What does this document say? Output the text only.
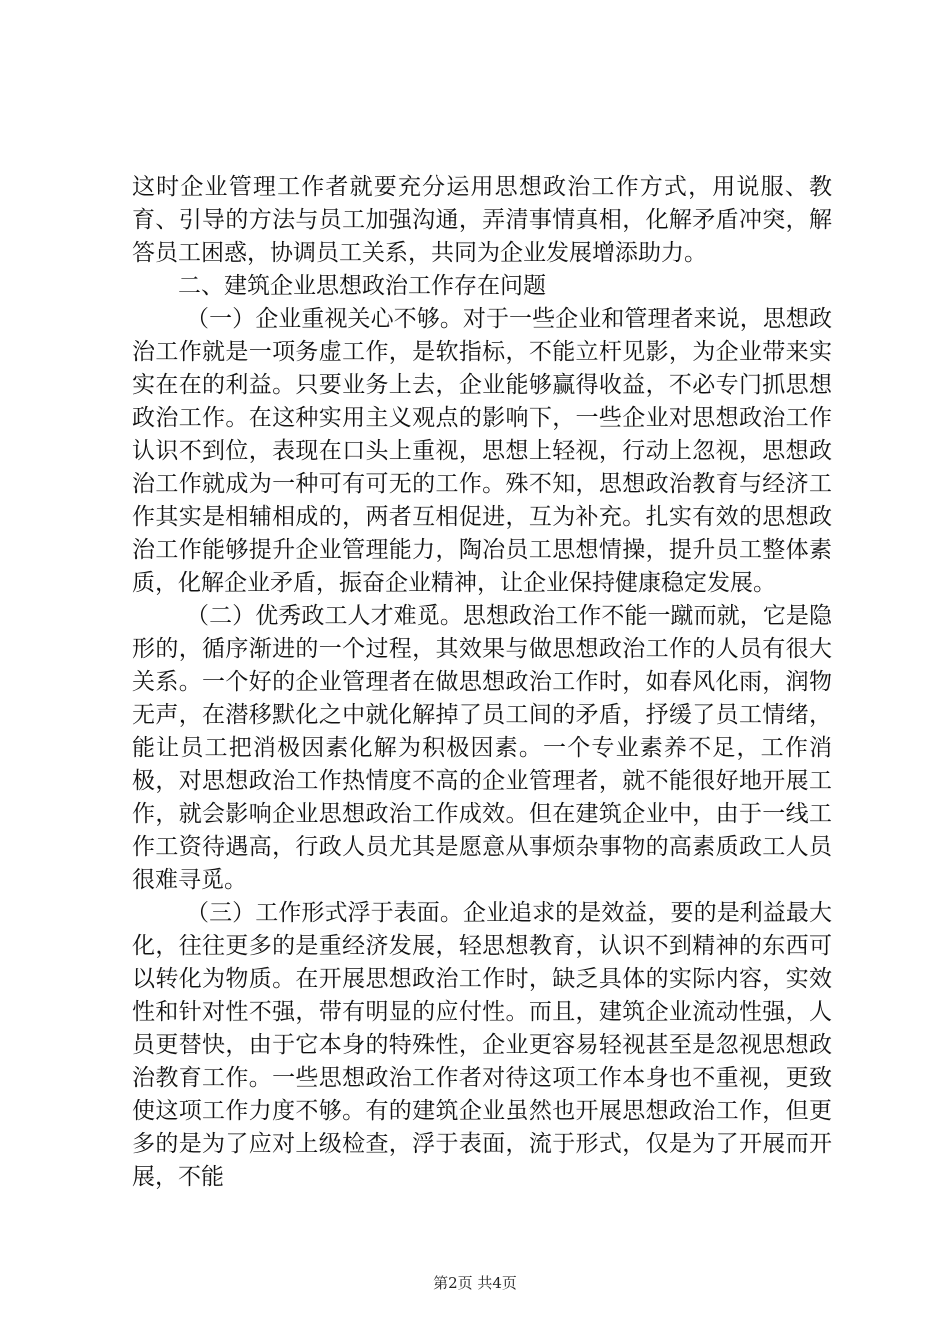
这时企业管理工作者就要充分运用思想政治工作方式，用说服、教育、引导的方法与员工加强沟通，弄清事情真相，化解矛盾冲突，解答员工困惑，协调员工关系，共同为企业发展增添助力。

二、建筑企业思想政治工作存在问题

（一）企业重视关心不够。对于一些企业和管理者来说，思想政治工作就是一项务虚工作，是软指标，不能立杆见影，为企业带来实实在在的利益。只要业务上去，企业能够赢得收益，不必专门抓思想政治工作。在这种实用主义观点的影响下，一些企业对思想政治工作认识不到位，表现在口头上重视，思想上轻视，行动上忽视，思想政治工作就成为一种可有可无的工作。殊不知，思想政治教育与经济工作其实是相辅相成的，两者互相促进，互为补充。扎实有效的思想政治工作能够提升企业管理能力，陶冶员工思想情操，提升员工整体素质，化解企业矛盾，振奋企业精神，让企业保持健康稳定发展。

（二）优秀政工人才难觅。思想政治工作不能一蹴而就，它是隐形的，循序渐进的一个过程，其效果与做思想政治工作的人员有很大关系。一个好的企业管理者在做思想政治工作时，如春风化雨，润物无声，在潜移默化之中就化解掉了员工间的矛盾，抒缓了员工情绪，能让员工把消极因素化解为积极因素。一个专业素养不足，工作消极，对思想政治工作热情度不高的企业管理者，就不能很好地开展工作，就会影响企业思想政治工作成效。但在建筑企业中，由于一线工作工资待遇高，行政人员尤其是愿意从事烦杂事物的高素质政工人员很难寻觅。

（三）工作形式浮于表面。企业追求的是效益，要的是利益最大化，往往更多的是重经济发展，轻思想教育，认识不到精神的东西可以转化为物质。在开展思想政治工作时，缺乏具体的实际内容，实效性和针对性不强，带有明显的应付性。而且，建筑企业流动性强，人员更替快，由于它本身的特殊性，企业更容易轻视甚至是忽视思想政治教育工作。一些思想政治工作者对待这项工作本身也不重视，更致使这项工作力度不够。有的建筑企业虽然也开展思想政治工作，但更多的是为了应对上级检查，浮于表面，流于形式，仅是为了开展而开展，不能

第2页 共4页
